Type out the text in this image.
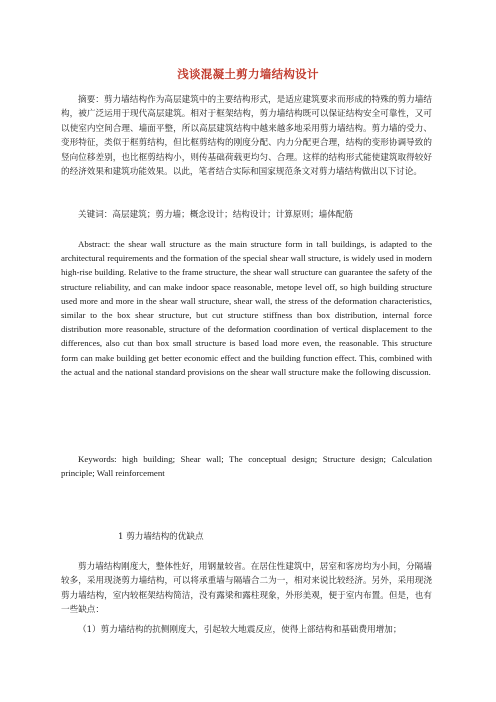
浅谈混凝土剪力墙结构设计
摘要：剪力墙结构作为高层建筑中的主要结构形式，是适应建筑要求而形成的特殊的剪力墙结构，被广泛运用于现代高层建筑。相对于框架结构，剪力墙结构既可以保证结构安全可靠性，又可以使室内空间合理、墙面平整，所以高层建筑结构中越来越多地采用剪力墙结构。剪力墙的受力、变形特征，类似于框剪结构，但比框剪结构的刚度分配、内力分配更合理，结构的变形协调导致的竖向位移差别，也比框剪结构小，则传基础荷载更均匀、合理。这样的结构形式能使建筑取得较好的经济效果和建筑功能效果。以此，笔者结合实际和国家规范条文对剪力墙结构做出以下讨论。
关键词：高层建筑；剪力墙；概念设计；结构设计；计算原则；墙体配筋
Abstract: the shear wall structure as the main structure form in tall buildings, is adapted to the architectural requirements and the formation of the special shear wall structure, is widely used in modern high-rise building. Relative to the frame structure, the shear wall structure can guarantee the safety of the structure reliability, and can make indoor space reasonable, metope level off, so high building structure used more and more in the shear wall structure, shear wall, the stress of the deformation characteristics, similar to the box shear structure, but cut structure stiffness than box distribution, internal force distribution more reasonable, structure of the deformation coordination of vertical displacement to the differences, also cut than box small structure is based load more even, the reasonable. This structure form can make building get better economic effect and the building function effect. This, combined with the actual and the national standard provisions on the shear wall structure make the following discussion.
Keywords: high building; Shear wall; The conceptual design; Structure design; Calculation principle; Wall reinforcement
1 剪力墙结构的优缺点
剪力墙结构刚度大，整体性好，用钢量较省。在居住性建筑中，居室和客房均为小间，分隔墙较多，采用现浇剪力墙结构，可以将承重墙与隔墙合二为一，相对来说比较经济。另外，采用现浇剪力墙结构，室内较框架结构简洁，没有露梁和露柱现象，外形美观，便于室内布置。但是，也有一些缺点：
（1）剪力墙结构的抗侧刚度大，引起较大地震反应，使得上部结构和基础费用增加；
